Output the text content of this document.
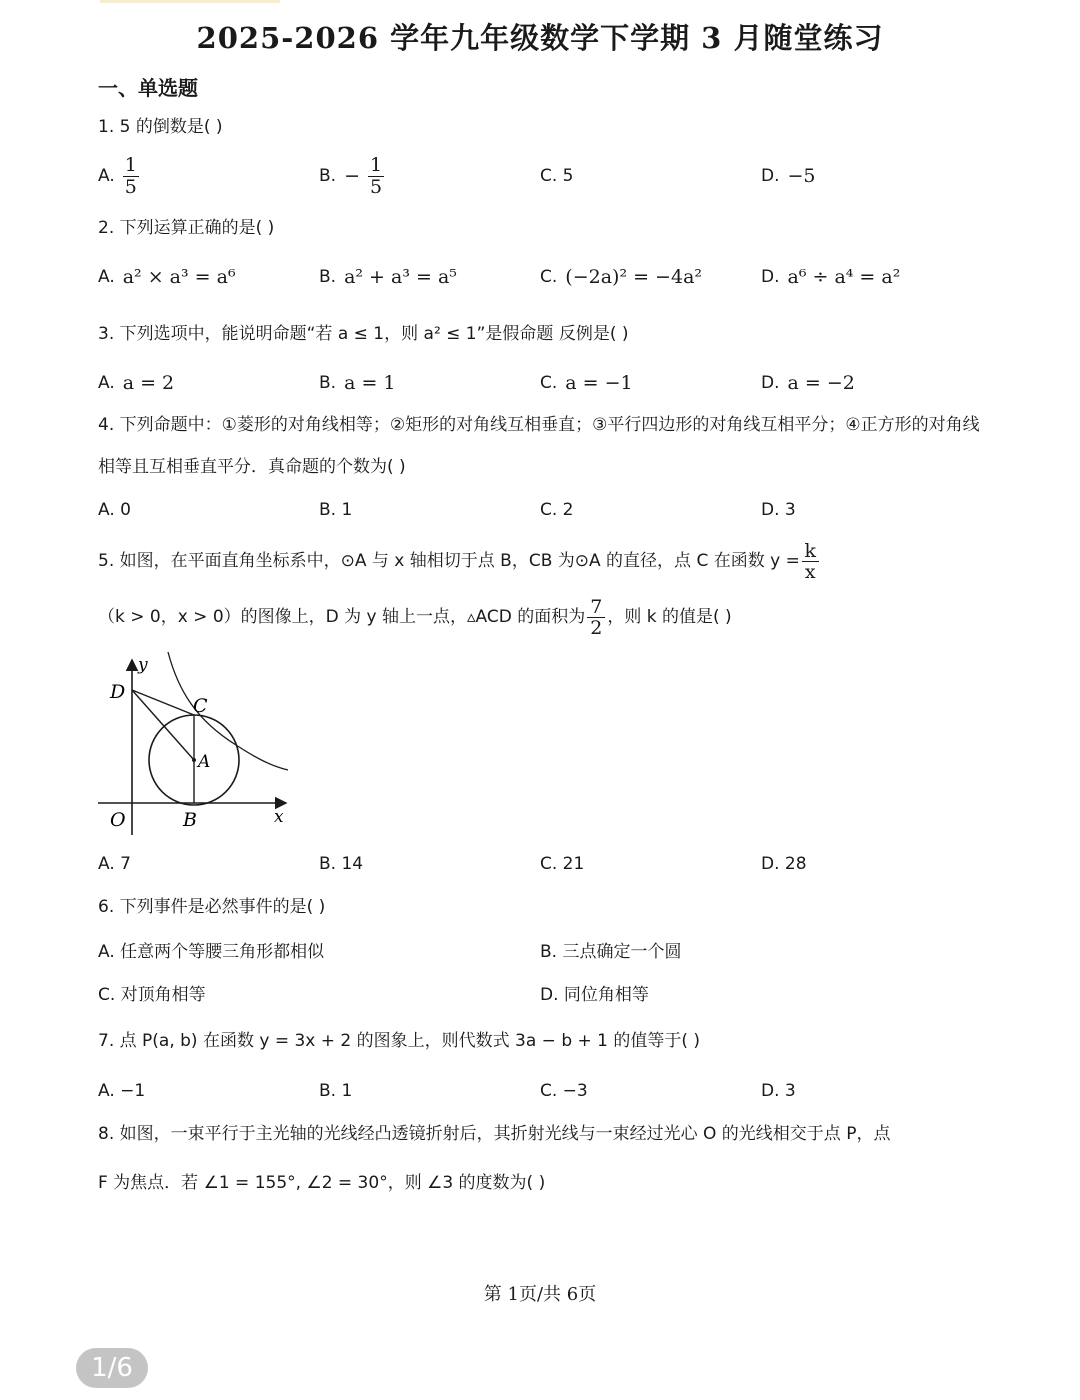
2025-2026 学年九年级数学下学期 3 月随堂练习
一、单选题
1. 5 的倒数是( )
A. $\frac{1}{5}$	B. − $\frac{1}{5}$	C. 5	D. −5
2. 下列运算正确的是( )
A. a² × a³ = a⁶	B. a² + a³ = a⁵	C. (−2a)² = −4a²	D. a⁶ ÷ a⁴ = a²
3. 下列选项中，能说明命题“若 a ≤ 1，则 a² ≤ 1”是假命题 反例是( )
A. a = 2	B. a = 1	C. a = −1	D. a = −2
4. 下列命题中：①菱形的对角线相等；②矩形的对角线互相垂直；③平行四边形的对角线互相平分；④正方形的对角线相等且互相垂直平分．真命题的个数为( )
A. 0	B. 1	C. 2	D. 3
5. 如图，在平面直角坐标系中，⊙A 与 x 轴相切于点 B，CB 为⊙A 的直径，点 C 在函数 $y = \frac{k}{x}$
（k > 0，x > 0）的图像上，D 为 y 轴上一点，▵ACD 的面积为 7
2 ，则 k 的值是( )
y
D
C
A
O	B	x
A. 7	B. 14	C. 21	D. 28
6. 下列事件是必然事件的是( )
A. 任意两个等腰三角形都相似	B. 三点确定一个圆
C. 对顶角相等	D. 同位角相等
7. 点 P(a, b) 在函数 y = 3x + 2 的图象上，则代数式 3a − b + 1 的值等于( )
A. −1	B. 1	C. −3	D. 3
8. 如图，一束平行于主光轴的光线经凸透镜折射后，其折射光线与一束经过光心 O 的光线相交于点 P，点
F 为焦点．若 ∠1 = 155°, ∠2 = 30°，则 ∠3 的度数为( )
第 1页/共 6页
1/6
